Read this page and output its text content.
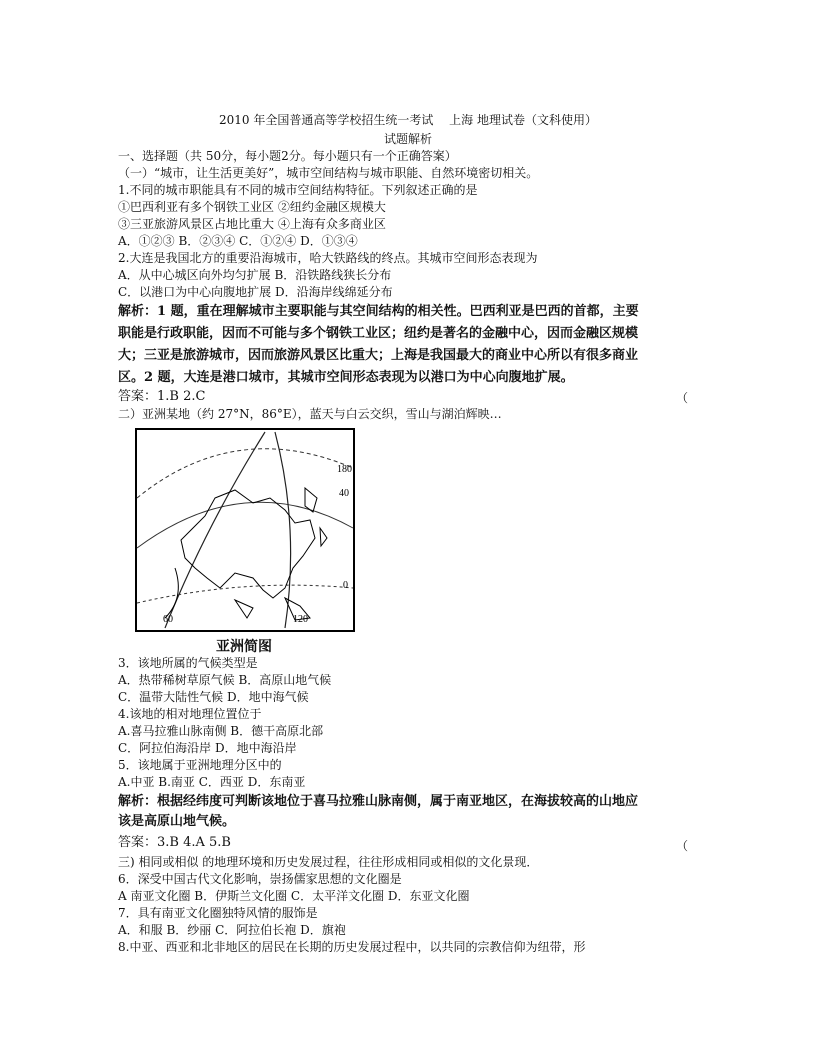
2010 年全国普通高等学校招生统一考试　 上海 地理试卷（文科使用）
试题解析
一、选择题（共 50分，每小题2分。每小题只有一个正确答案）
（一）“城市，让生活更美好”，城市空间结构与城市职能、自然环境密切相关。
1.不同的城市职能具有不同的城市空间结构特征。下列叙述正确的是
①巴西利亚有多个钢铁工业区 ②纽约金融区规模大
③三亚旅游风景区占地比重大 ④上海有众多商业区
A．①②③ B．②③④ C．①②④ D．①③④
2.大连是我国北方的重要沿海城市，哈大铁路线的终点。其城市空间形态表现为
A．从中心城区向外均匀扩展 B．沿铁路线狭长分布
C．以港口为中心向腹地扩展 D．沿海岸线绵延分布
解析：1 题，重在理解城市主要职能与其空间结构的相关性。巴西利亚是巴西的首都，主要
职能是行政职能，因而不可能与多个钢铁工业区；纽约是著名的金融中心，因而金融区规模
大；三亚是旅游城市，因而旅游风景区比重大；上海是我国最大的商业中心所以有很多商业
区。2 题，大连是港口城市，其城市空间形态表现为以港口为中心向腹地扩展。
答案：1.B 2.C	（
二）亚洲某地（约 27°N，86°E），蓝天与白云交织，雪山与湖泊辉映…
180
40
0
60	120
亚洲简图
3．该地所属的气候类型是
A．热带稀树草原气候 B．高原山地气候
C．温带大陆性气候 D．地中海气候
4.该地的相对地理位置位于
A.喜马拉雅山脉南侧 B．德干高原北部
C．阿拉伯海沿岸 D．地中海沿岸
5．该地属于亚洲地理分区中的
A.中亚 B.南亚 C．西亚 D．东南亚
解析：根据经纬度可判断该地位于喜马拉雅山脉南侧，属于南亚地区，在海拔较高的山地应
该是高原山地气候。
答案：3.B 4.A 5.B	（
三) 相同或相似 的地理环境和历史发展过程，往往形成相同或相似的文化景现．
6．深受中国古代文化影响，崇扬儒家思想的文化圈是
A 南亚文化圈 B．伊斯兰文化圈 C．太平洋文化圈 D．东亚文化圈
7．具有南亚文化圈独特风情的服饰是
A．和服 B．纱丽 C．阿拉伯长袍 D．旗袍
8.中亚、西亚和北非地区的居民在长期的历史发展过程中，以共同的宗教信仰为纽带，形
